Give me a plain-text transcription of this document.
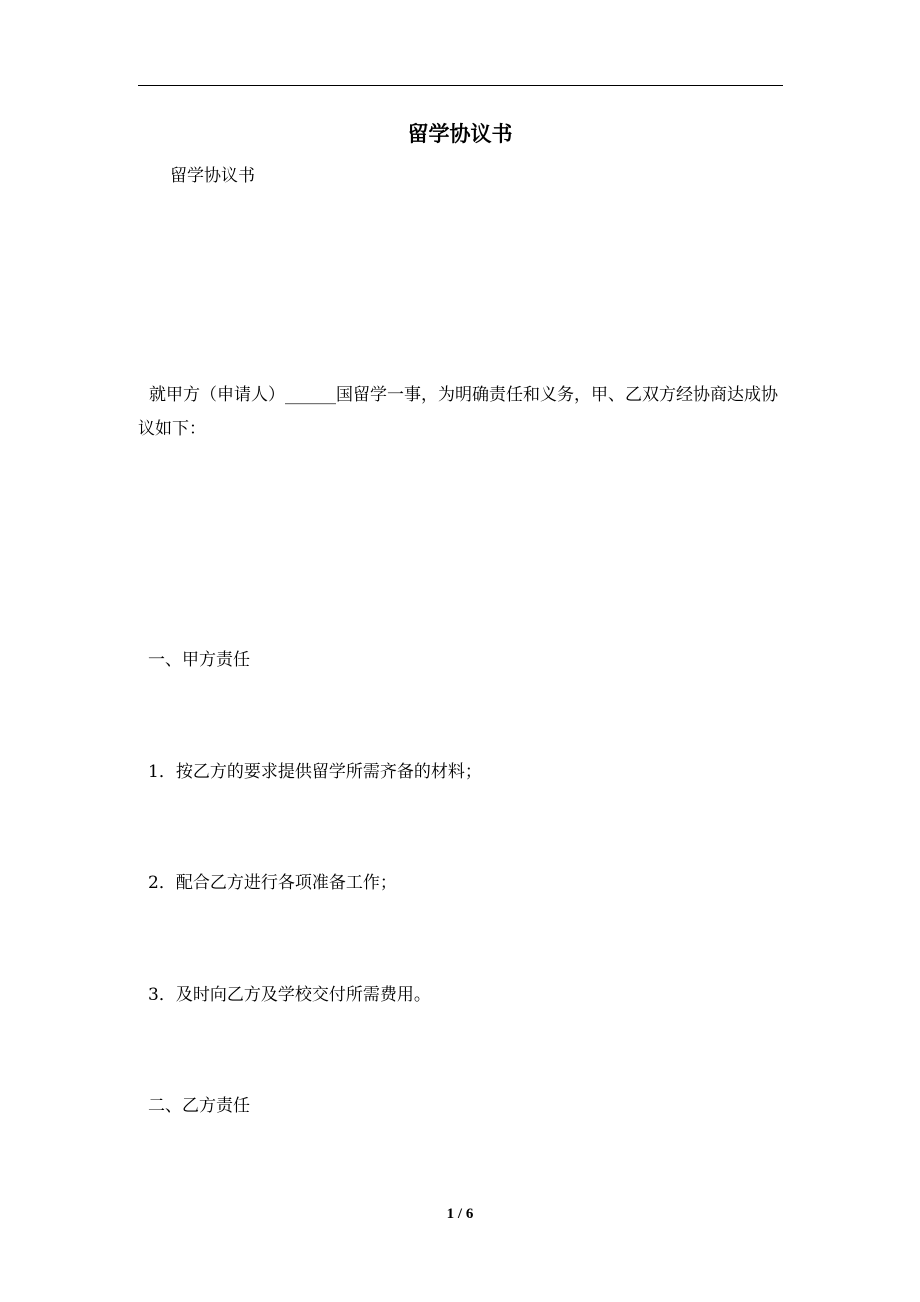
留学协议书
留学协议书
就甲方（申请人）______国留学一事，为明确责任和义务，甲、乙双方经协商达成协议如下：
一、甲方责任
1．按乙方的要求提供留学所需齐备的材料；
2．配合乙方进行各项准备工作；
3．及时向乙方及学校交付所需费用。
二、乙方责任
1 / 6
